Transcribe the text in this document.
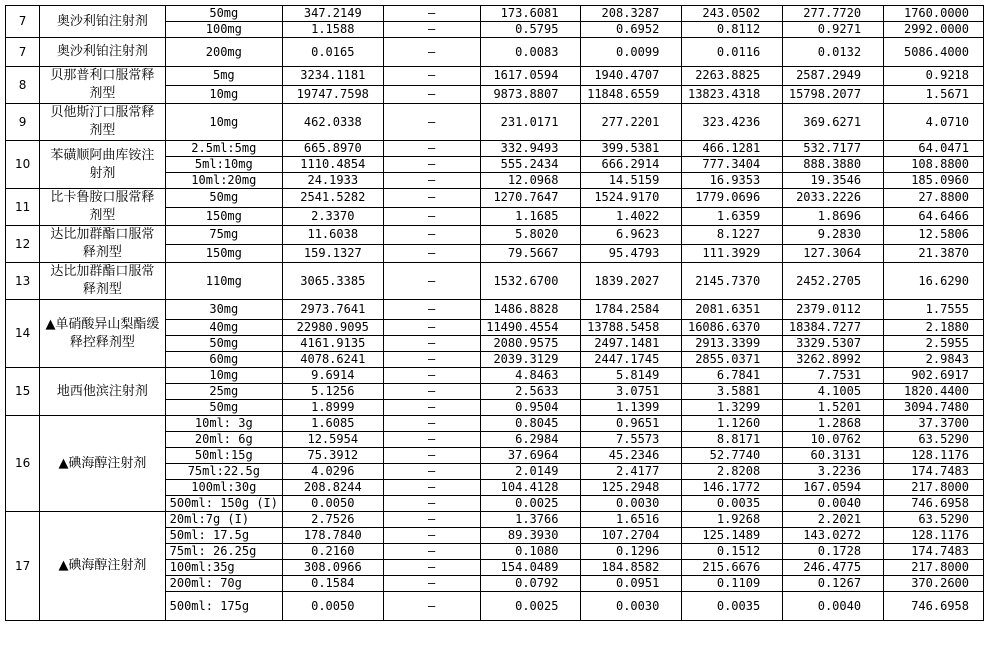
7	奥沙利铂注射剂	50mg	347.2149	—	173.6081	208.3287	243.0502	277.7720	1760.0000
		100mg	1.1588	—	0.5795	0.6952	0.8112	0.9271	2992.0000
7	奥沙利铂注射剂	200mg	0.0165	—	0.0083	0.0099	0.0116	0.0132	5086.4000
8	贝那普利口服常释剂型	5mg	3234.1181	—	1617.0594	1940.4707	2263.8825	2587.2949	0.9218
		10mg	19747.7598	—	9873.8807	11848.6559	13823.4318	15798.2077	1.5671
9	贝他斯汀口服常释剂型	10mg	462.0338	—	231.0171	277.2201	323.4236	369.6271	4.0710
10	苯磺顺阿曲库铵注射剂	2.5ml:5mg	665.8970	—	332.9493	399.5381	466.1281	532.7177	64.0471
		5ml:10mg	1110.4854	—	555.2434	666.2914	777.3404	888.3880	108.8800
		10ml:20mg	24.1933	—	12.0968	14.5159	16.9353	19.3546	185.0960
11	比卡鲁胺口服常释剂型	50mg	2541.5282	—	1270.7647	1524.9170	1779.0696	2033.2226	27.8800
		150mg	2.3370	—	1.1685	1.4022	1.6359	1.8696	64.6466
12	达比加群酯口服常释剂型	75mg	11.6038	—	5.8020	6.9623	8.1227	9.2830	12.5806
		150mg	159.1327	—	79.5667	95.4793	111.3929	127.3064	21.3870
13	达比加群酯口服常释剂型	110mg	3065.3385	—	1532.6700	1839.2027	2145.7370	2452.2705	16.6290
14	▲单硝酸异山梨酯缓释控释剂型	30mg	2973.7641	—	1486.8828	1784.2584	2081.6351	2379.0112	1.7555
		40mg	22980.9095	—	11490.4554	13788.5458	16086.6370	18384.7277	2.1880
		50mg	4161.9135	—	2080.9575	2497.1481	2913.3399	3329.5307	2.5955
		60mg	4078.6241	—	2039.3129	2447.1745	2855.0371	3262.8992	2.9843
15	地西他滨注射剂	10mg	9.6914	—	4.8463	5.8149	6.7841	7.7531	902.6917
		25mg	5.1256	—	2.5633	3.0751	3.5881	4.1005	1820.4400
		50mg	1.8999	—	0.9504	1.1399	1.3299	1.5201	3094.7480
16	▲碘海醇注射剂	10ml: 3g	1.6085	—	0.8045	0.9651	1.1260	1.2868	37.3700
		20ml: 6g	12.5954	—	6.2984	7.5573	8.8171	10.0762	63.5290
		50ml:15g	75.3912	—	37.6964	45.2346	52.7740	60.3131	128.1176
		75ml:22.5g	4.0296	—	2.0149	2.4177	2.8208	3.2236	174.7483
		100ml:30g	208.8244	—	104.4128	125.2948	146.1772	167.0594	217.8000
		500ml: 150g (I)	0.0050	—	0.0025	0.0030	0.0035	0.0040	746.6958
17	▲碘海醇注射剂	20ml:7g (I)	2.7526	—	1.3766	1.6516	1.9268	2.2021	63.5290
		50ml: 17.5g	178.7840	—	89.3930	107.2704	125.1489	143.0272	128.1176
		75ml: 26.25g	0.2160	—	0.1080	0.1296	0.1512	0.1728	174.7483
		100ml:35g	308.0966	—	154.0489	184.8582	215.6676	246.4775	217.8000
		200ml: 70g	0.1584	—	0.0792	0.0951	0.1109	0.1267	370.2600
		500ml: 175g	0.0050	—	0.0025	0.0030	0.0035	0.0040	746.6958
